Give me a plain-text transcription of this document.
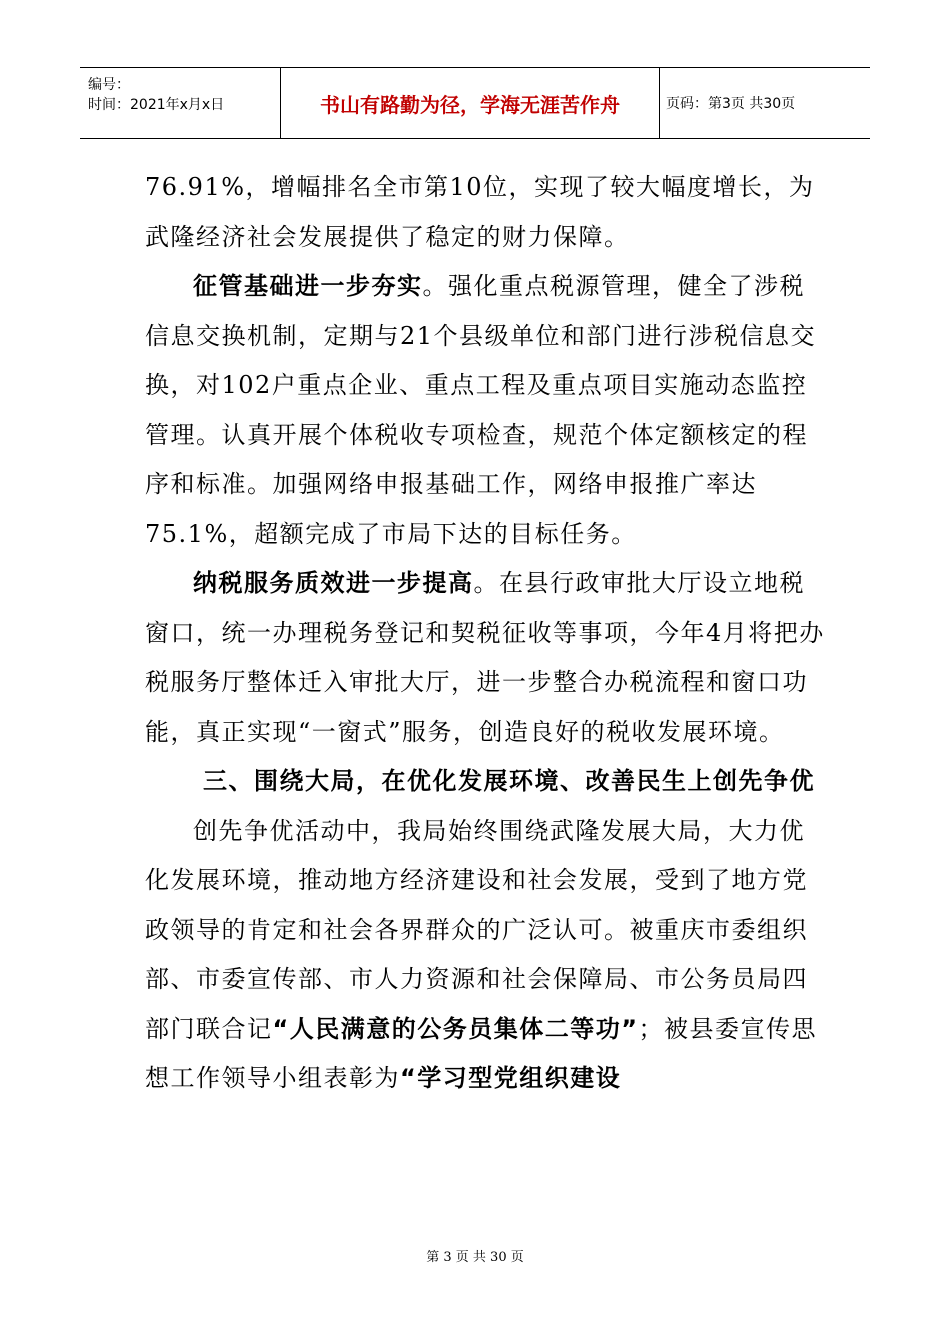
编号：
时间：2021年x月x日	书山有路勤为径，学海无涯苦作舟	页码：第3页 共30页

76.91%，增幅排名全市第10位，实现了较大幅度增长，为
武隆经济社会发展提供了稳定的财力保障。

征管基础进一步夯实。强化重点税源管理，健全了涉税信息交换机制，定期与21个县级单位和部门进行涉税信息交换，对102户重点企业、重点工程及重点项目实施动态监控管理。认真开展个体税收专项检查，规范个体定额核定的程序和标准。加强网络申报基础工作，网络申报推广率达75.1%，超额完成了市局下达的目标任务。

纳税服务质效进一步提高。在县行政审批大厅设立地税窗口，统一办理税务登记和契税征收等事项，今年4月将把办税服务厅整体迁入审批大厅，进一步整合办税流程和窗口功能，真正实现“一窗式”服务，创造良好的税收发展环境。

三、围绕大局，在优化发展环境、改善民生上创先争优

创先争优活动中，我局始终围绕武隆发展大局，大力优化发展环境，推动地方经济建设和社会发展，受到了地方党政领导的肯定和社会各界群众的广泛认可。被重庆市委组织部、市委宣传部、市人力资源和社会保障局、市公务员局四部门联合记“人民满意的公务员集体二等功”；被县委宣传思想工作领导小组表彰为“学习型党组织建设

第 3 页 共 30 页
